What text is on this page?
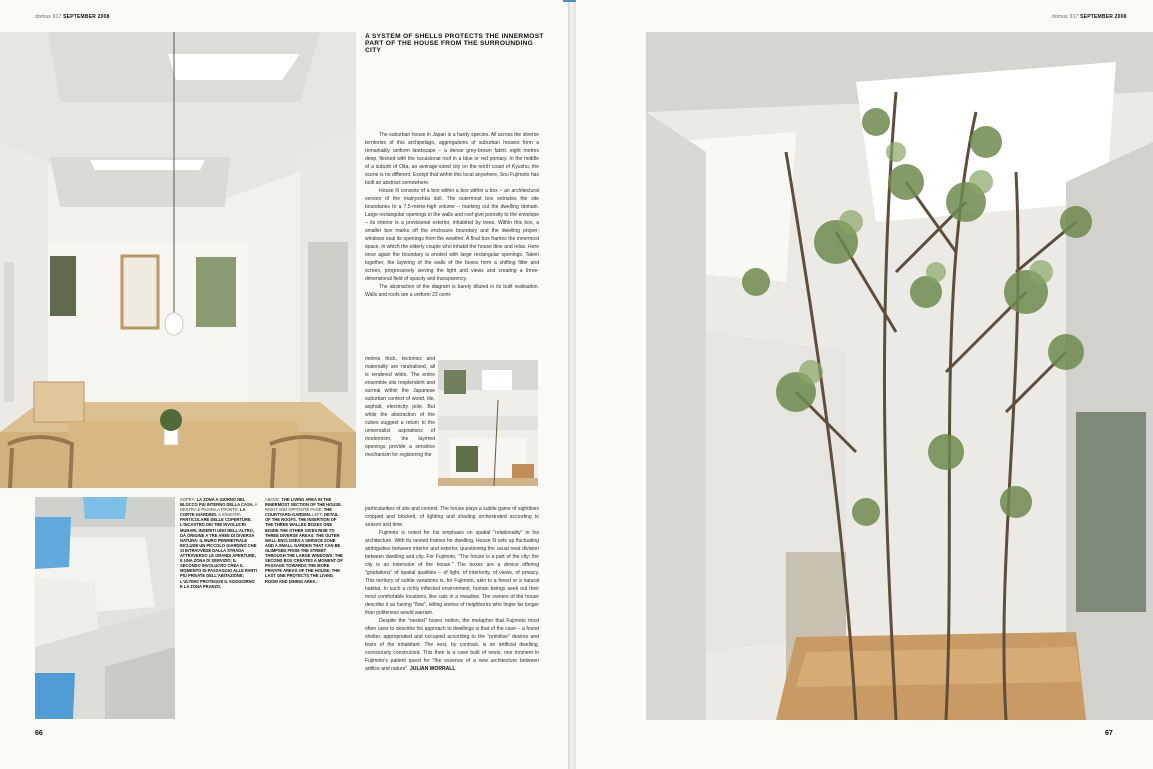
domus 917 SEPTEMBER 2008
SOPRA: LA ZONA A GIORNO NEL BLOCCO PIÙ INTERNO DELLA CASA. A DESTRA E PAGINA A FRONTE: LA CORTE-GIARDINO. A SINISTRA: PARTICOLARE DELLE COPERTURE. L'INCASTRO DEI TRE INVOLUCRI MURARI, INSERITI UNO NELL'ALTRO, DÀ ORIGINE A TRE AREE DI DIVERSA NATURA: IL MURO PERIMETRALE INCLUDE UN PICCOLO GIARDINO CHE SI INTRAVVEDE DALLA STRADA ATTRAVERSO LE GRANDI APERTURE, E UNA ZONA DI SERVIZIO; IL SECONDO INVOLUCRO CREA IL MOMENTO DI PASSAGGIO ALLE PARTI PIÙ PRIVATE DELL'ABITAZIONE; L'ULTIMO PROTEGGE IL SOGGIORNO E LA ZONA PRANZO.
ABOVE: THE LIVING AREA IN THE INNERMOST SECTION OF THE HOUSE. RIGHT AND OPPOSITE PAGE: THE COURTYARD-GARDEN. LEFT: DETAIL OF THE ROOFS. THE INSERTION OF THE THREE WALLED BOXES ONE INSIDE THE OTHER GIVES RISE TO THREE DIVERSE AREAS: THE OUTER WALL ENCLOSES A SERVICE ZONE AND A SMALL GARDEN THAT CAN BE GLIMPSED FROM THE STREET THROUGH THE LARGE WINDOWS; THE SECOND BOX CREATES A MOMENT OF PASSAGE TOWARDS THE MORE PRIVATE AREAS OF THE HOUSE; THE LAST ONE PROTECTS THE LIVING ROOM AND DINING AREA.
A SYSTEM OF SHELLS PROTECTS THE INNERMOST PART OF THE HOUSE FROM THE SURROUNDING CITY

The suburban house in Japan is a hardy species. All across the diverse territories of this archipelago, aggregations of suburban houses form a remarkably uniform landscape – a dense grey-brown fabric eight metres deep, flecked with the occasional roof in a blue or red primary. In the middle of a suburb of Oita, an average-sized city on the north coast of Kyushu, the scene is no different. Except that within this local anywhere, Sou Fujimoto has built an abstract somewhere.

House N consists of a box within a box within a box – an architectural version of the matryoshka doll. The outermost box extrudes the site boundaries to a 7.5-metre-high volume – marking out the dwelling domain. Large rectangular openings in the walls and roof give porosity to the envelope – its interior is a provisional exterior, inhabited by trees. Within this box, a smaller box marks off the enclosure boundary and the dwelling proper; windows seal its openings from the weather. A final box frames the innermost space, in which the elderly couple who inhabit the house dine and relax. Here once again the boundary is eroded with large rectangular openings. Taken together, the layering of the walls of the boxes form a shifting filter and screen, progressively sieving the light and views and creating a three-dimensional field of opacity and transparency.

The abstraction of the diagram is barely diluted in its built realisation. Walls and roofs are a uniform 22 centi-

metres thick, tectonics and materiality are neutralised, all is rendered white. The entire ensemble sits resplendent and surreal within the Japanese suburban context of wood, tile, asphalt, electricity pole. But while the abstraction of the cubes suggest a return to the universalist aspirations of modernism, the layered openings provide a sensitive mechanism for registering the

particularities of site and context. The house plays a subtle game of sightlines cropped and blocked, of lighting and shading orchestrated according to season and time.

Fujimoto is noted for his emphasis on spatial "relationality" in his architecture. With its nested frames for dwelling, House N sets up fluctuating ambiguities between interior and exterior, questioning the usual neat division between dwelling and city. For Fujimoto, "The house is a part of the city; the city is an extension of the house." The boxes are a device offering "gradations" of spatial qualities – of light, of interiority, of views, of privacy. This territory of subtle variations is, for Fujimoto, akin to a forest or a natural habitat. In such a richly inflected environment, human beings seek out their most comfortable locations, like cats in a meadow. The owners of the house describe it as having "flow", telling stories of neighbours who linger far longer than politeness would warrant.

Despite the "nested" boxes notion, the metaphor that Fujimoto most often uses to describe his approach to dwellings is that of the cave – a found shelter, appropriated and occupied according to the "primitive" desires and fears of the inhabitant. The nest, by contrast, is an artificial dwelling, consciously constructed. This then is a cave built of nests, one moment in Fujimoto's patient quest for "the essence of a new architecture between artifice and nature". JULIAN WORRALL

66
domus 917 SEPTEMBER 2008
67
